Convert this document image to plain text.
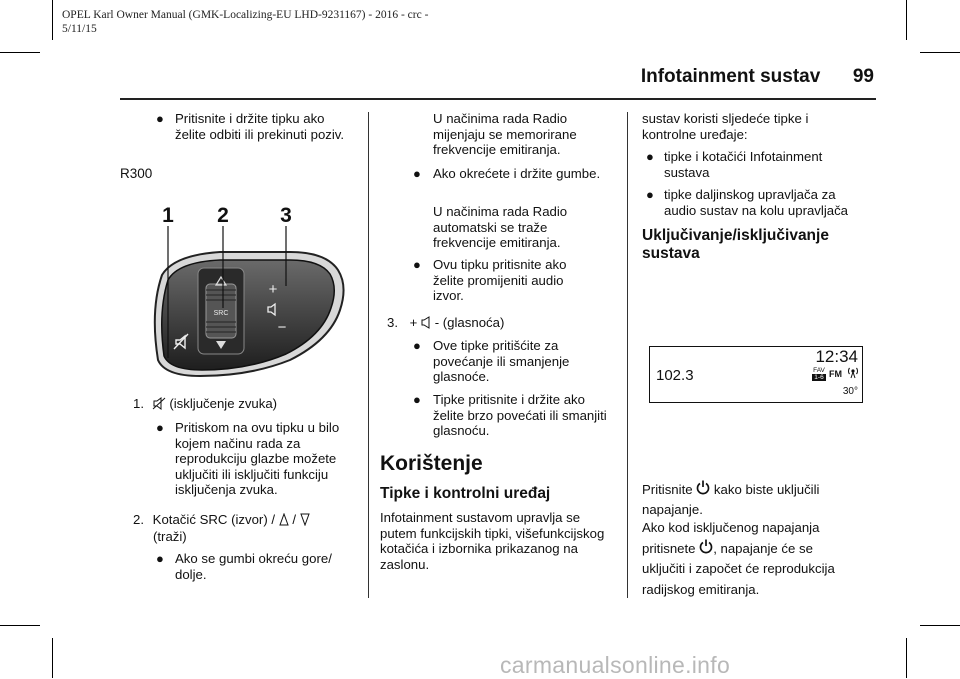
OPEL Karl Owner Manual (GMK-Localizing-EU LHD-9231167) - 2016 - crc -
5/11/15
Infotainment sustav 99
● Pritisnite i držite tipku ako želite odbiti ili prekinuti poziv.
R300
SRC
+
−
1 2 3
1. (isključenje zvuka)
● Pritiskom na ovu tipku u bilo kojem načinu rada za reprodukciju glazbe možete uključiti ili isključiti funkciju isključenja zvuka.
2. Kotačić SRC (izvor) / /
(traži)
● Ako se gumbi okreću gore/ dolje.
U načinima rada Radio mijenjaju se memorirane frekvencije emitiranja.
● Ako okrećete i držite gumbe.
U načinima rada Radio automatski se traže frekvencije emitiranja.
● Ovu tipku pritisnite ako želite promijeniti audio izvor.
3. + - (glasnoća)
● Ove tipke pritišćite za povećanje ili smanjenje glasnoće.
● Tipke pritisnite i držite ako želite brzo povećati ili smanjiti glasnoću.
Korištenje
Tipke i kontrolni uređaj
Infotainment sustavom upravlja se putem funkcijskih tipki, višefunkcijskog kotačića i izbornika prikazanog na zaslonu.
sustav koristi sljedeće tipke i kontrolne uređaje:
● tipke i kotačići Infotainment sustava
● tipke daljinskog upravljača za audio sustav na kolu upravljača
Uključivanje/isključivanje sustava
102.3
12:34
FAV
1-6 FM
30°
Pritisnite kako biste uključili napajanje.
Ako kod isključenog napajanja pritisnete , napajanje će se uključiti i započet će reprodukcija radijskog emitiranja.
carmanualsonline.info
